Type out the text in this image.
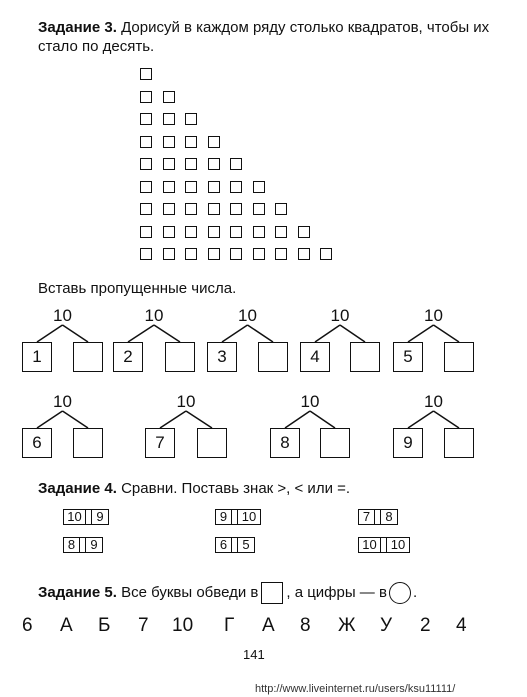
Задание 3. Дорисуй в каждом ряду столько квадратов, чтобы их
стало по десять.
Вставь пропущенные числа.
10
1
10
2
10
3
10
4
10
5
10
6
10
7
10
8
10
9
Задание 4. Сравни. Поставь знак >, < или =.
10	9	9	10	7	8
8	9	6	5	10	10
Задание 5.
Все буквы обведи в , а цифры — в .
6 А Б 7 10 Г А 8 Ж У 2 4
141
http://www.liveinternet.ru/users/ksu11111/
